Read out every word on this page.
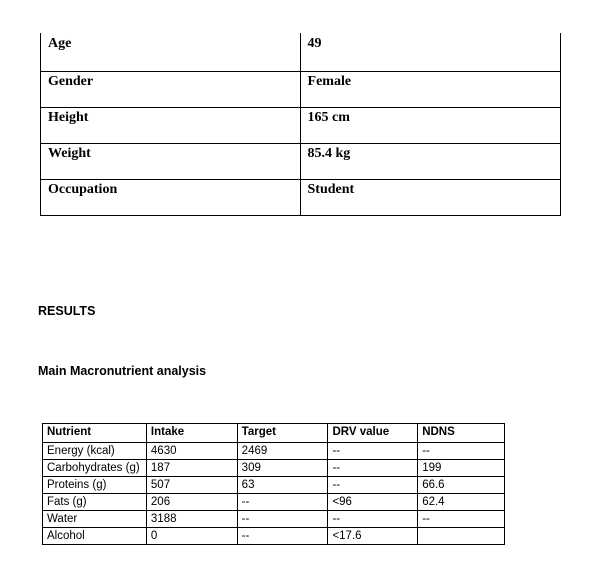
Age	49
Gender	Female
Height	165 cm
Weight	85.4 kg
Occupation	Student
RESULTS
Main Macronutrient analysis
Nutrient	Intake	Target	DRV value	NDNS
Energy (kcal)	4630	2469	--	--
Carbohydrates (g)	187	309	--	199
Proteins (g)	507	63	--	66.6
Fats (g)	206	--	<96	62.4
Water	3188	--	--	--
Alcohol	0	--	<17.6	
